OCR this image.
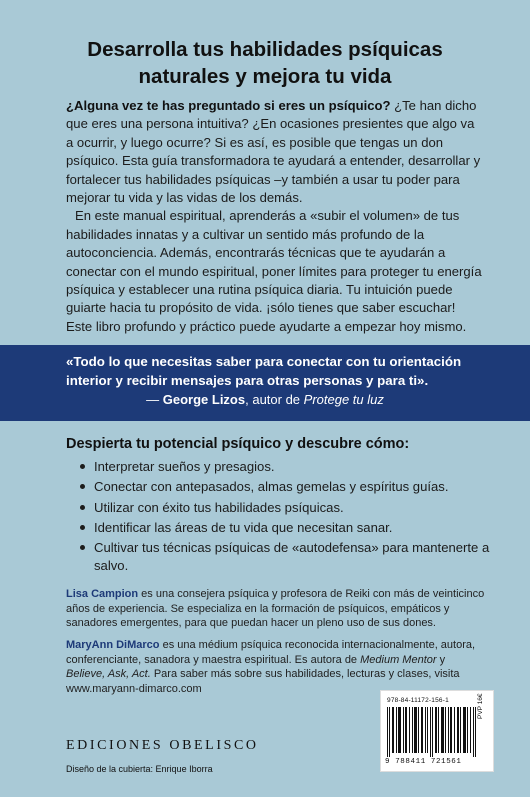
Desarrolla tus habilidades psíquicas
naturales y mejora tu vida

¿Alguna vez te has preguntado si eres un psíquico? ¿Te han dicho que eres una persona intuitiva? ¿En ocasiones presientes que algo va a ocurrir, y luego ocurre? Si es así, es posible que tengas un don psíquico. Esta guía transformadora te ayudará a entender, desarrollar y fortalecer tus habilidades psíquicas –y también a usar tu poder para mejorar tu vida y las vidas de los demás.

En este manual espiritual, aprenderás a «subir el volumen» de tus habilidades innatas y a cultivar un sentido más profundo de la autoconciencia. Además, encontrarás técnicas que te ayudarán a conectar con el mundo espiritual, poner límites para proteger tu energía psíquica y establecer una rutina psíquica diaria. Tu intuición puede guiarte hacia tu propósito de vida. ¡sólo tienes que saber escuchar! Este libro profundo y práctico puede ayudarte a empezar hoy mismo.

«Todo lo que necesitas saber para conectar con tu orientación interior y recibir mensajes para otras personas y para ti».
— George Lizos, autor de Protege tu luz
Despierta tu potencial psíquico y descubre cómo:
Interpretar sueños y presagios.
Conectar con antepasados, almas gemelas y espíritus guías.
Utilizar con éxito tus habilidades psíquicas.
Identificar las áreas de tu vida que necesitan sanar.
Cultivar tus técnicas psíquicas de «autodefensa» para mantenerte a salvo.
Lisa Campion es una consejera psíquica y profesora de Reiki con más de veinticinco años de experiencia. Se especializa en la formación de psíquicos, empáticos y sanadores emergentes, para que puedan hacer un pleno uso de sus dones.
MaryAnn DiMarco es una médium psíquica reconocida internacionalmente, autora, conferenciante, sanadora y maestra espiritual. Es autora de Medium Mentor y Believe, Ask, Act. Para saber más sobre sus habilidades, lecturas y clases, visita www.maryann-dimarco.com
EDICIONES OBELISCO
Diseño de la cubierta: Enrique Iborra
978-84-11172-156-1	PVP 16€
9 788411 721561
